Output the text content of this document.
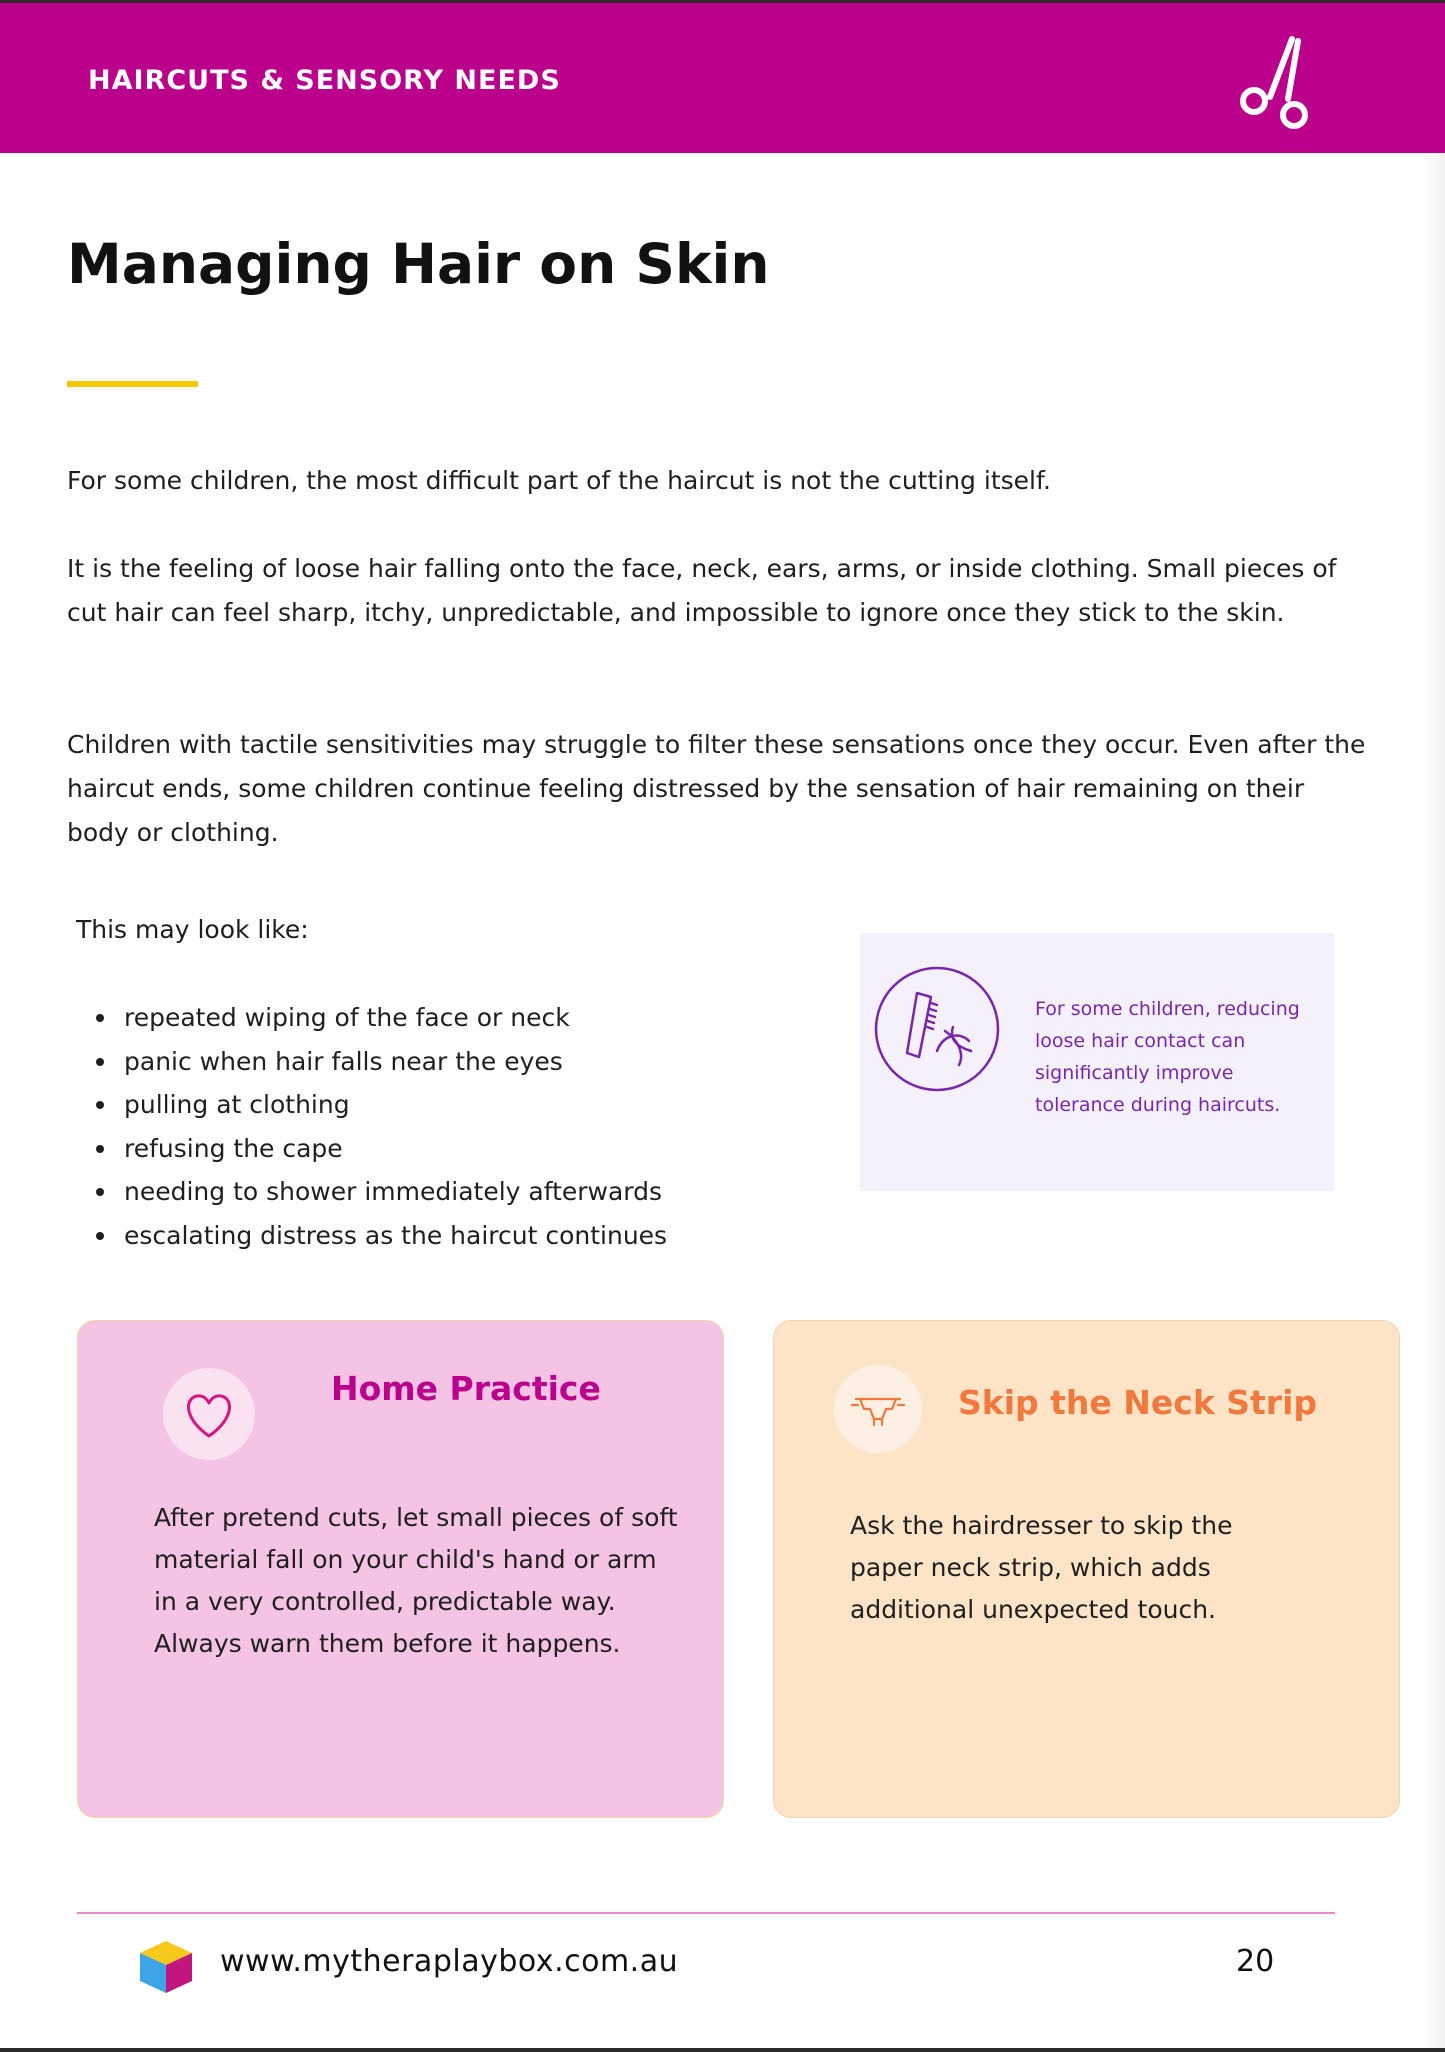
HAIRCUTS & SENSORY NEEDS
Managing Hair on Skin

For some children, the most difficult part of the haircut is not the cutting itself.

It is the feeling of loose hair falling onto the face, neck, ears, arms, or inside clothing. Small pieces of cut hair can feel sharp, itchy, unpredictable, and impossible to ignore once they stick to the skin.

Children with tactile sensitivities may struggle to filter these sensations once they occur. Even after the haircut ends, some children continue feeling distressed by the sensation of hair remaining on their body or clothing.

This may look like:

repeated wiping of the face or neck
panic when hair falls near the eyes
pulling at clothing
refusing the cape
needing to shower immediately afterwards
escalating distress as the haircut continues

For some children, reducing loose hair contact can significantly improve tolerance during haircuts.

Home Practice

After pretend cuts, let small pieces of soft material fall on your child's hand or arm in a very controlled, predictable way. Always warn them before it happens.

Skip the Neck Strip

Ask the hairdresser to skip the paper neck strip, which adds additional unexpected touch.

www.mytheraplaybox.com.au	20
